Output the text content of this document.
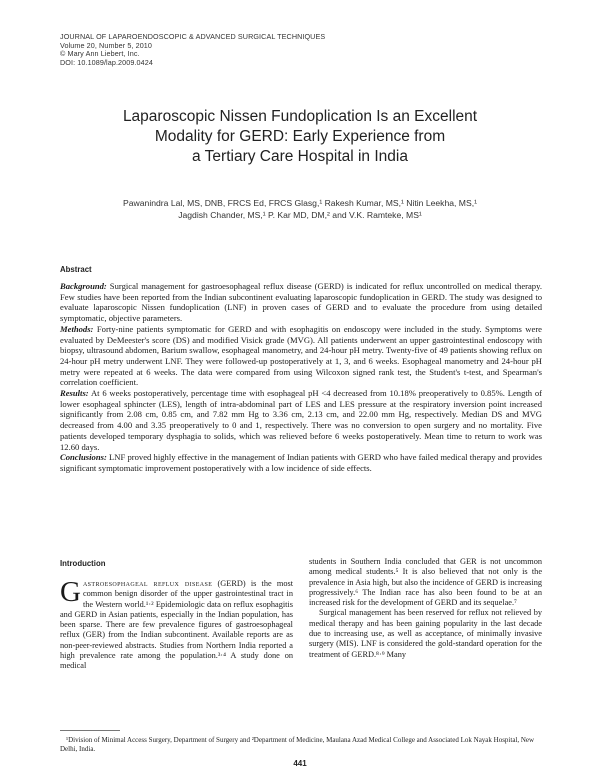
JOURNAL OF LAPAROENDOSCOPIC & ADVANCED SURGICAL TECHNIQUES
Volume 20, Number 5, 2010
© Mary Ann Liebert, Inc.
DOI: 10.1089/lap.2009.0424
Laparoscopic Nissen Fundoplication Is an Excellent
Modality for GERD: Early Experience from
a Tertiary Care Hospital in India
Pawanindra Lal, MS, DNB, FRCS Ed, FRCS Glasg,¹ Rakesh Kumar, MS,¹ Nitin Leekha, MS,¹
Jagdish Chander, MS,¹ P. Kar MD, DM,² and V.K. Ramteke, MS¹
Abstract

Background: Surgical management for gastroesophageal reflux disease (GERD) is indicated for reflux uncontrolled on medical therapy. Few studies have been reported from the Indian subcontinent evaluating laparoscopic fundoplication in GERD. The study was designed to evaluate laparoscopic Nissen fundoplication (LNF) in proven cases of GERD and to evaluate the procedure from using detailed symptomatic, objective parameters.

Methods: Forty-nine patients symptomatic for GERD and with esophagitis on endoscopy were included in the study. Symptoms were evaluated by DeMeester's score (DS) and modified Visick grade (MVG). All patients underwent an upper gastrointestinal endoscopy with biopsy, ultrasound abdomen, Barium swallow, esophageal manometry, and 24-hour pH metry. Twenty-five of 49 patients showing reflux on 24-hour pH metry underwent LNF. They were followed-up postoperatively at 1, 3, and 6 weeks. Esophageal manometry and 24-hour pH metry were repeated at 6 weeks. The data were compared from using Wilcoxon signed rank test, the Student's t-test, and Spearman's correlation coefficient.

Results: At 6 weeks postoperatively, percentage time with esophageal pH <4 decreased from 10.18% preoperatively to 0.85%. Length of lower esophageal sphincter (LES), length of intra-abdominal part of LES and LES pressure at the respiratory inversion point increased significantly from 2.08 cm, 0.85 cm, and 7.82 mm Hg to 3.36 cm, 2.13 cm, and 22.00 mm Hg, respectively. Median DS and MVG decreased from 4.00 and 3.35 preoperatively to 0 and 1, respectively. There was no conversion to open surgery and no mortality. Five patients developed temporary dysphagia to solids, which was relieved before 6 weeks postoperatively. Mean time to return to work was 12.60 days.

Conclusions: LNF proved highly effective in the management of Indian patients with GERD who have failed medical therapy and provides significant symptomatic improvement postoperatively with a low incidence of side effects.

Introduction

Gastroesophageal reflux disease (GERD) is the most common benign disorder of the upper gastrointestinal tract in the Western world.¹·² Epidemiologic data on reflux esophagitis and GERD in Asian patients, especially in the Indian population, has been sparse. There are few prevalence figures of gastroesophageal reflux (GER) from the Indian subcontinent. Available reports are as non-peer-reviewed abstracts. Studies from Northern India reported a high prevalence rate among the population.³·⁴ A study done on medical

students in Southern India concluded that GER is not uncommon among medical students.⁵ It is also believed that not only is the prevalence in Asia high, but also the incidence of GERD is increasing progressively.⁶ The Indian race has also been found to be at an increased risk for the development of GERD and its sequelae.⁷

Surgical management has been reserved for reflux not relieved by medical therapy and has been gaining popularity in the last decade due to increasing use, as well as acceptance, of minimally invasive surgery (MIS). LNF is considered the gold-standard operation for the treatment of GERD.⁸·⁹ Many

¹Division of Minimal Access Surgery, Department of Surgery and ²Department of Medicine, Maulana Azad Medical College and Associated Lok Nayak Hospital, New Delhi, India.

441
